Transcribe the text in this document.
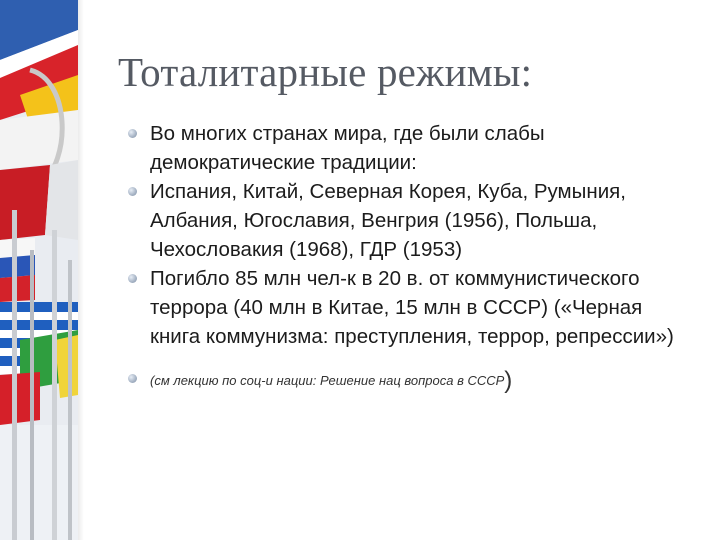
Тоталитарные режимы:
Во многих странах мира, где были слабы демократические традиции:
Испания, Китай, Северная Корея, Куба, Румыния, Албания, Югославия, Венгрия (1956), Польша, Чехословакия (1968), ГДР (1953)
Погибло 85 млн чел-к в 20 в. от коммунистического террора (40 млн в Китае, 15 млн в СССР) («Черная книга коммунизма: преступления, террор, репрессии»)
(см лекцию по соц-и нации: Решение нац вопроса в СССР)
